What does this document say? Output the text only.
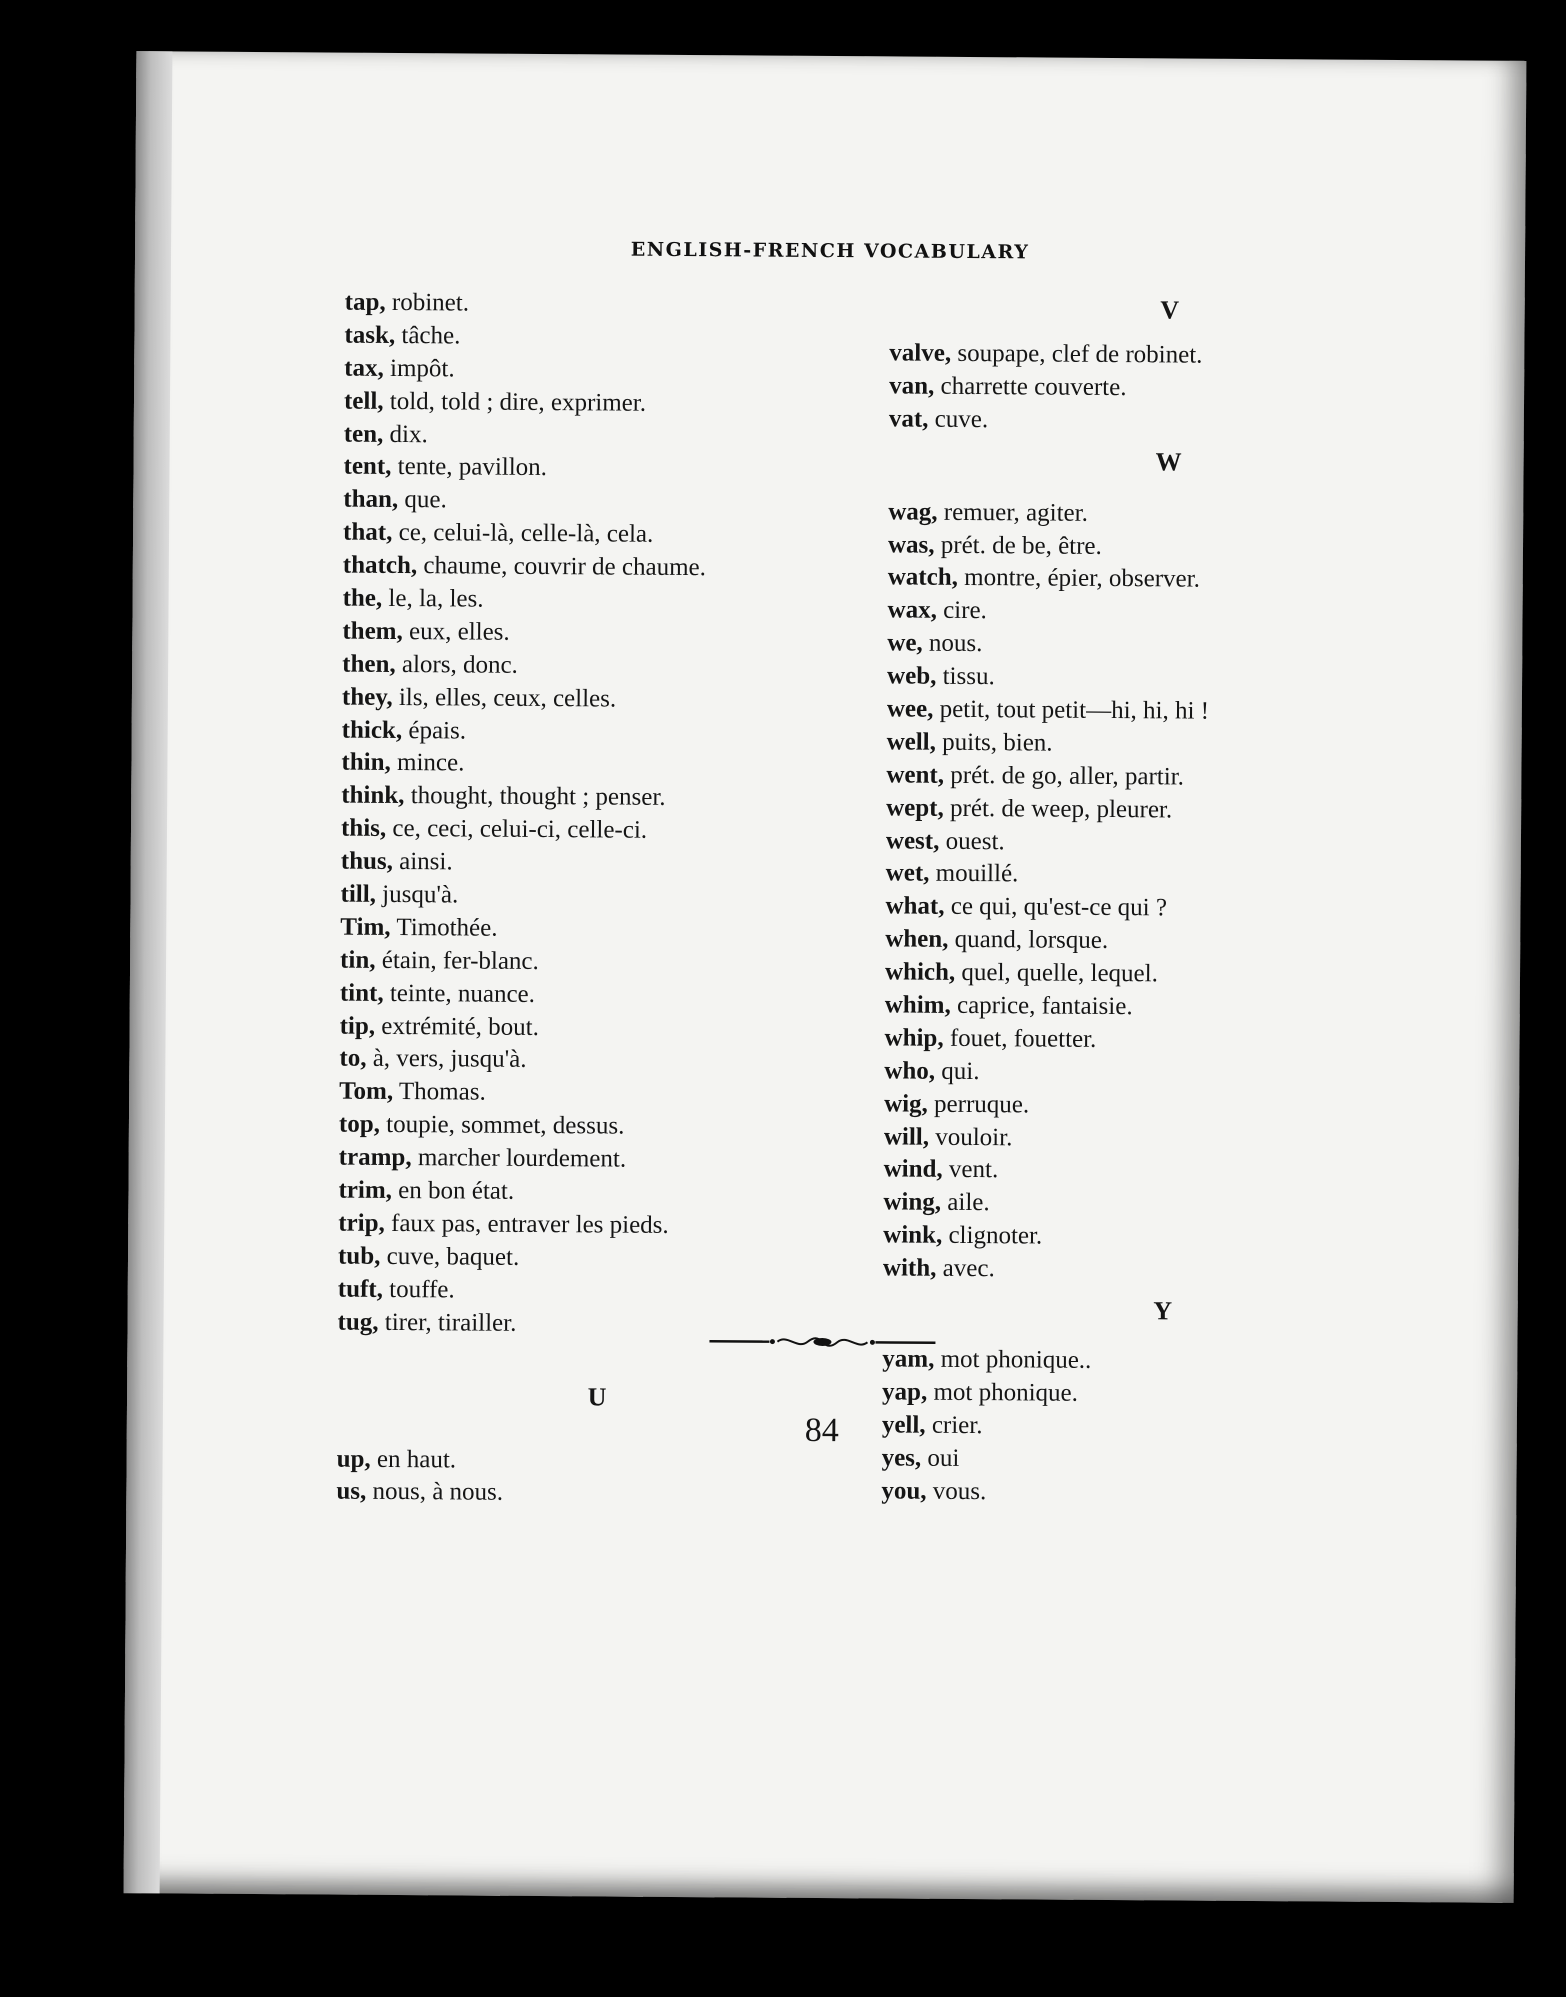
ENGLISH-FRENCH VOCABULARY
tap, robinet.
task, tâche.
tax, impôt.
tell, told, told ; dire, exprimer.
ten, dix.
tent, tente, pavillon.
than, que.
that, ce, celui-là, celle-là, cela.
thatch, chaume, couvrir de chaume.
the, le, la, les.
them, eux, elles.
then, alors, donc.
they, ils, elles, ceux, celles.
thick, épais.
thin, mince.
think, thought, thought ; penser.
this, ce, ceci, celui-ci, celle-ci.
thus, ainsi.
till, jusqu'à.
Tim, Timothée.
tin, étain, fer-blanc.
tint, teinte, nuance.
tip, extrémité, bout.
to, à, vers, jusqu'à.
Tom, Thomas.
top, toupie, sommet, dessus.
tramp, marcher lourdement.
trim, en bon état.
trip, faux pas, entraver les pieds.
tub, cuve, baquet.
tuft, touffe.
tug, tirer, tirailler.
U
up, en haut.
us, nous, à nous.
V
valve, soupape, clef de robinet.
van, charrette couverte.
vat, cuve.
W
wag, remuer, agiter.
was, prét. de be, être.
watch, montre, épier, observer.
wax, cire.
we, nous.
web, tissu.
wee, petit, tout petit—hi, hi, hi !
well, puits, bien.
went, prét. de go, aller, partir.
wept, prét. de weep, pleurer.
west, ouest.
wet, mouillé.
what, ce qui, qu'est-ce qui ?
when, quand, lorsque.
which, quel, quelle, lequel.
whim, caprice, fantaisie.
whip, fouet, fouetter.
who, qui.
wig, perruque.
will, vouloir.
wind, vent.
wing, aile.
wink, clignoter.
with, avec.
Y
yam, mot phonique..
yap, mot phonique.
yell, crier.
yes, oui
you, vous.
84
